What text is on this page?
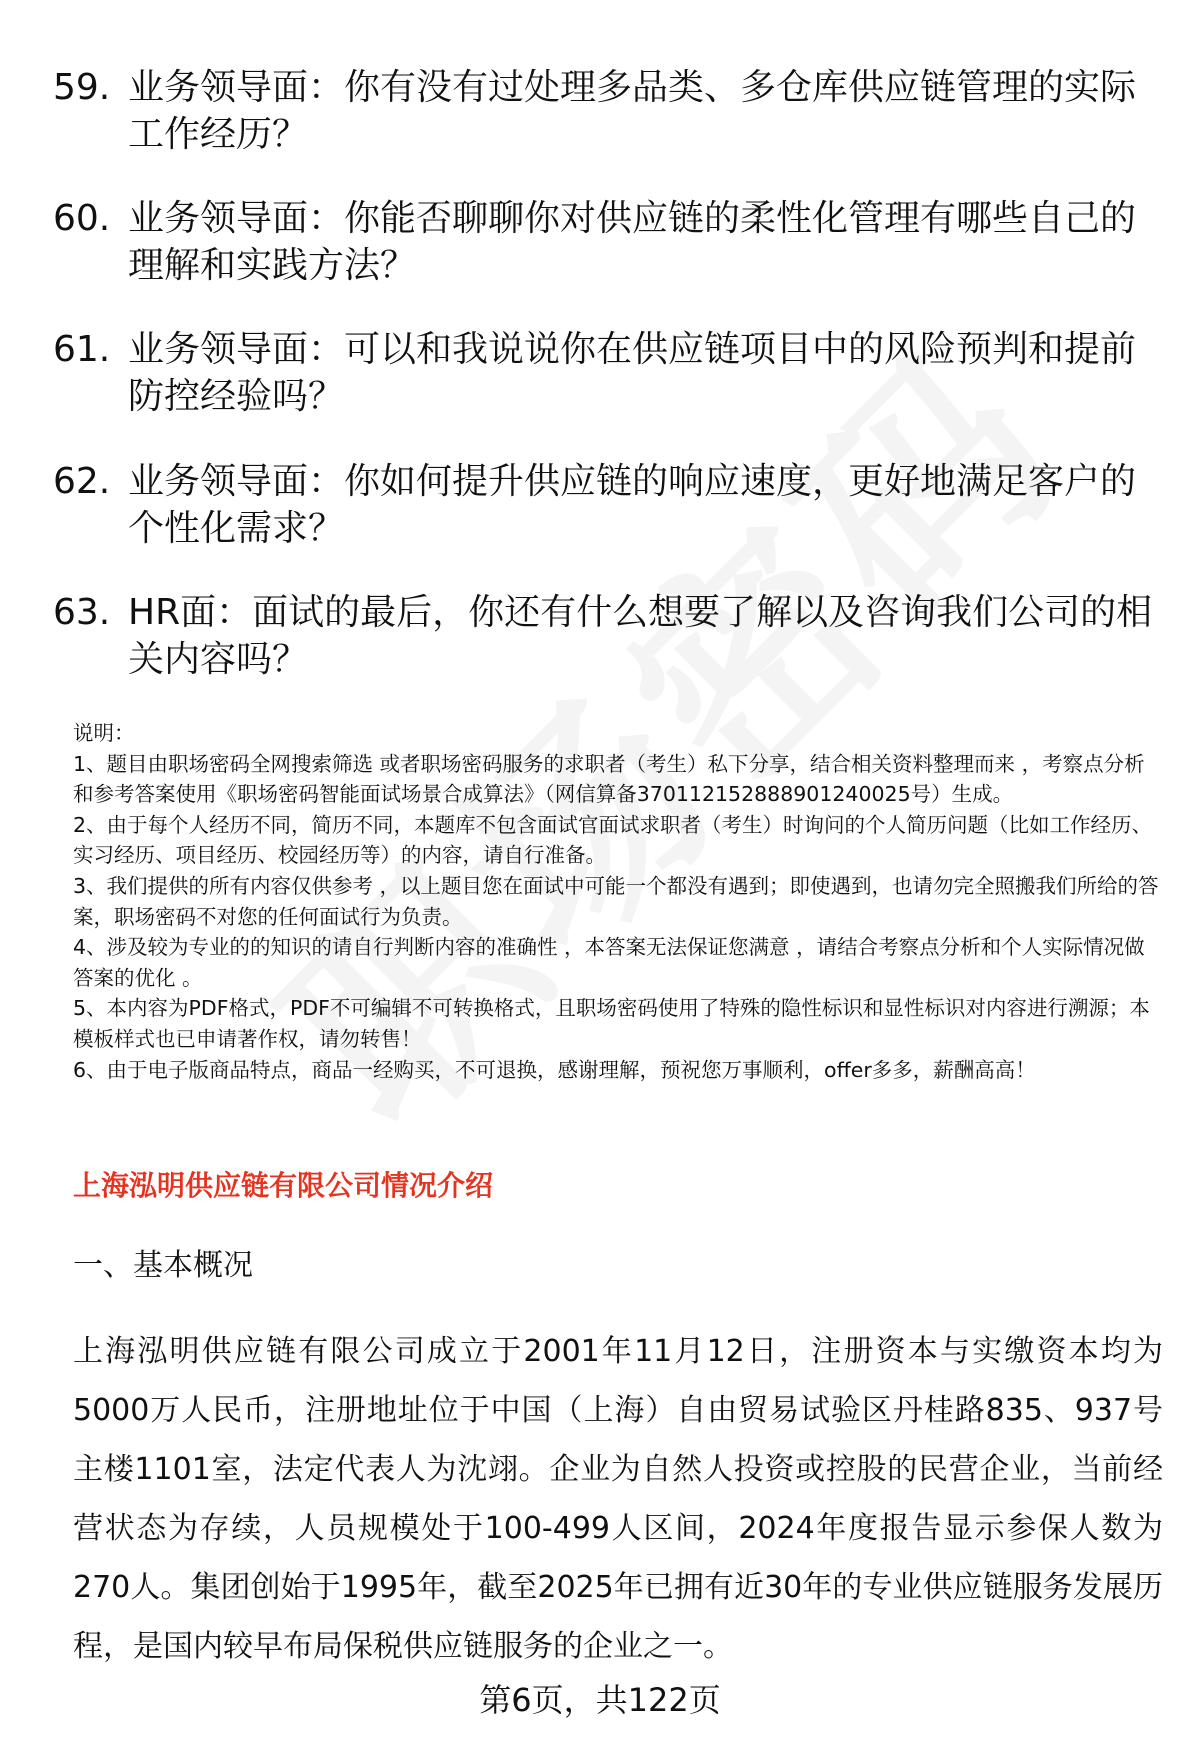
59. 业务领导面：你有没有过处理多品类、多仓库供应链管理的实际工作经历？
60. 业务领导面：你能否聊聊你对供应链的柔性化管理有哪些自己的理解和实践方法？
61. 业务领导面：可以和我说说你在供应链项目中的风险预判和提前防控经验吗？
62. 业务领导面：你如何提升供应链的响应速度，更好地满足客户的个性化需求？
63. HR面：面试的最后，你还有什么想要了解以及咨询我们公司的相关内容吗？
说明：
1、题目由职场密码全网搜索筛选 或者职场密码服务的求职者（考生）私下分享，结合相关资料整理而来 ，考察点分析和参考答案使用《职场密码智能面试场景合成算法》（网信算备370112152888901240025号）生成。
2、由于每个人经历不同，简历不同，本题库不包含面试官面试求职者（考生）时询问的个人简历问题（比如工作经历、实习经历、项目经历、校园经历等）的内容，请自行准备。
3、我们提供的所有内容仅供参考 ，以上题目您在面试中可能一个都没有遇到；即使遇到，也请勿完全照搬我们所给的答案，职场密码不对您的任何面试行为负责。
4、涉及较为专业的的知识的请自行判断内容的准确性 ，本答案无法保证您满意 ，请结合考察点分析和个人实际情况做答案的优化 。
5、本内容为PDF格式，PDF不可编辑不可转换格式，且职场密码使用了特殊的隐性标识和显性标识对内容进行溯源；本模板样式也已申请著作权，请勿转售！
6、由于电子版商品特点，商品一经购买，不可退换，感谢理解，预祝您万事顺利，offer多多，薪酬高高！
上海泓明供应链有限公司情况介绍
一、基本概况
上海泓明供应链有限公司成立于2001年11月12日，注册资本与实缴资本均为5000万人民币，注册地址位于中国（上海）自由贸易试验区丹桂路835、937号主楼1101室，法定代表人为沈翊。企业为自然人投资或控股的民营企业，当前经营状态为存续，人员规模处于100-499人区间，2024年度报告显示参保人数为270人。集团创始于1995年，截至2025年已拥有近30年的专业供应链服务发展历程，是国内较早布局保税供应链服务的企业之一。
第6页，共122页
